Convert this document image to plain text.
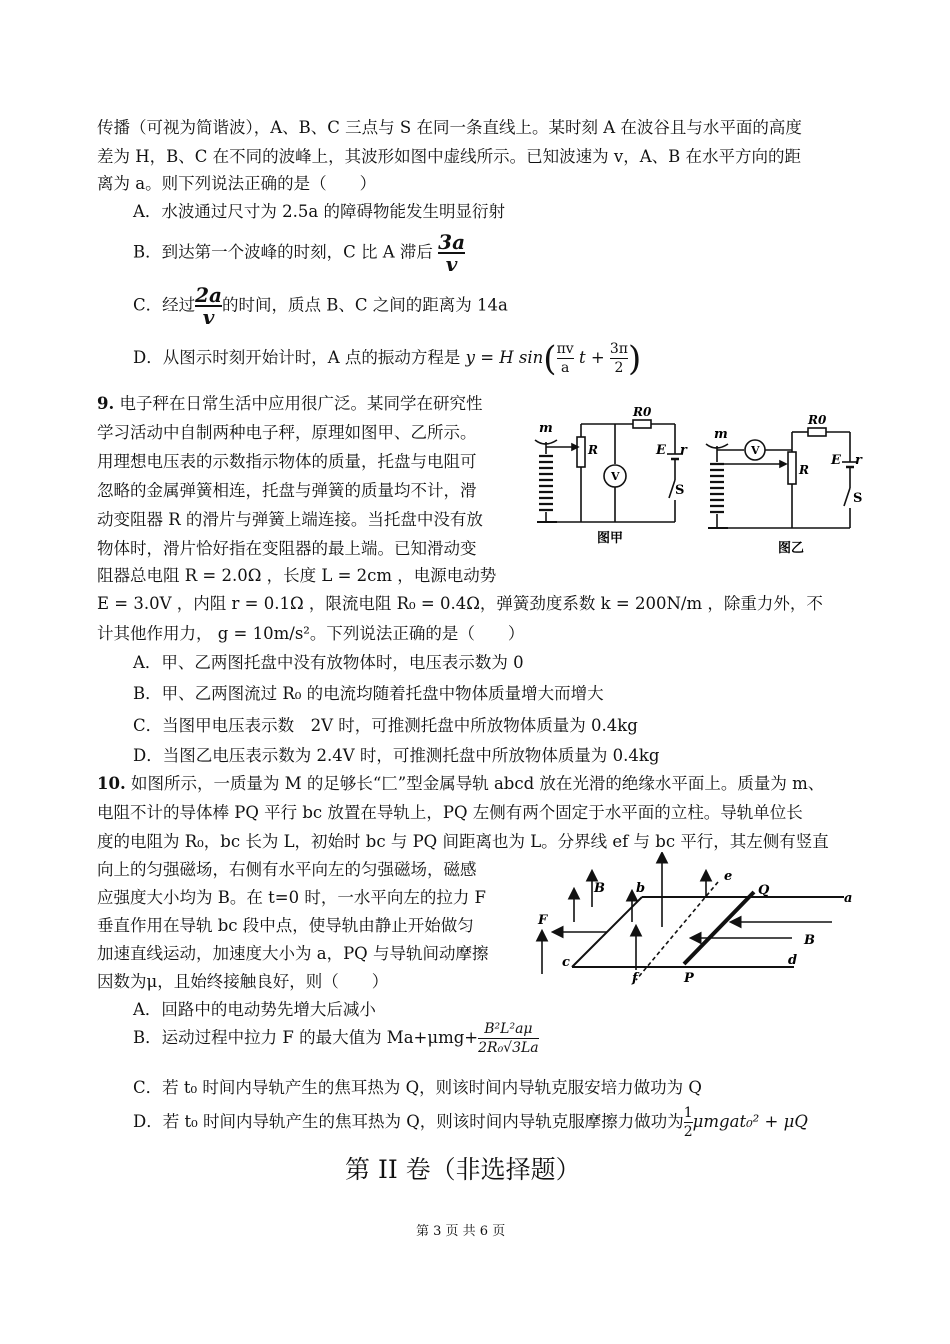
传播（可视为简谐波），A、B、C 三点与 S 在同一条直线上。某时刻 A 在波谷且与水平面的高度
差为 H，B、C 在不同的波峰上，其波形如图中虚线所示。已知波速为 v，A、B 在水平方向的距
离为 a。则下列说法正确的是（　　）
A．水波通过尺寸为 2.5a 的障碍物能发生明显衍射
B．到达第一个波峰的时刻，C 比 A 滞后 $\frac{3a}{v}$
C．经过 $\frac{2a}{v}$ 的时间，质点 B、C 之间的距离为 14a
D．从图示时刻开始计时，A 点的振动方程是 y = H $\sin( \frac{\pi v}{a}$ $t + \frac{3\pi}{2}$ )
9. 电子秤在日常生活中应用很广泛。某同学在研究性
学习活动中自制两种电子秤，原理如图甲、乙所示。
用理想电压表的示数指示物体的质量，托盘与电阻可
忽略的金属弹簧相连，托盘与弹簧的质量均不计，滑
动变阻器 R 的滑片与弹簧上端连接。当托盘中没有放
物体时，滑片恰好指在变阻器的最上端。已知滑动变
阻器总电阻 R = 2.0Ω ，长度 L = 2cm ，电源电动势
E = 3.0V ，内阻 r = 0.1Ω ，限流电阻 R₀ = 0.4Ω，弹簧劲度系数 k = 200N/m ，除重力外，不
计其他作用力， g = 10m/s²。下列说法正确的是（　　）
A．甲、乙两图托盘中没有放物体时，电压表示数为 0
B．甲、乙两图流过 R₀ 的电流均随着托盘中物体质量增大而增大
C．当图甲电压表示数　2V 时，可推测托盘中所放物体质量为 0.4kg
D．当图乙电压表示数为 2.4V 时，可推测托盘中所放物体质量为 0.4kg
m
R
V
R0
E r
S
图甲
m
V
R
R0
E r
S
图乙
10. 如图所示，一质量为 M 的足够长“匚”型金属导轨 abcd 放在光滑的绝缘水平面上。质量为 m、
电阻不计的导体棒 PQ 平行 bc 放置在导轨上，PQ 左侧有两个固定于水平面的立柱。导轨单位长
度的电阻为 R₀，bc 长为 L，初始时 bc 与 PQ 间距离也为 L。分界线 ef 与 bc 平行，其左侧有竖直
向上的匀强磁场，右侧有水平向左的匀强磁场，磁感
应强度大小均为 B。在 t=0 时，一水平向左的拉力 F
垂直作用在导轨 bc 段中点，使导轨由静止开始做匀
加速直线运动，加速度大小为 a，PQ 与导轨间动摩擦
因数为μ，且始终接触良好，则（　　）
A．回路中的电动势先增大后减小
B．运动过程中拉力 F 的最大值为 $Ma+\mu mg+ \frac{\text{B²L²aμ}}{\text{2R₀√3La}}$
C．若 t₀ 时间内导轨产生的焦耳热为 Q，则该时间内导轨克服安培力做功为 Q
D．若 t₀ 时间内导轨产生的焦耳热为 Q，则该时间内导轨克服摩擦力做功为 $\frac{1}{2}$ μmgat₀² + μQ
B b
e
Q
a
F
B
c
f	P
d
第 II 卷（非选择题）
第 3 页 共 6 页
